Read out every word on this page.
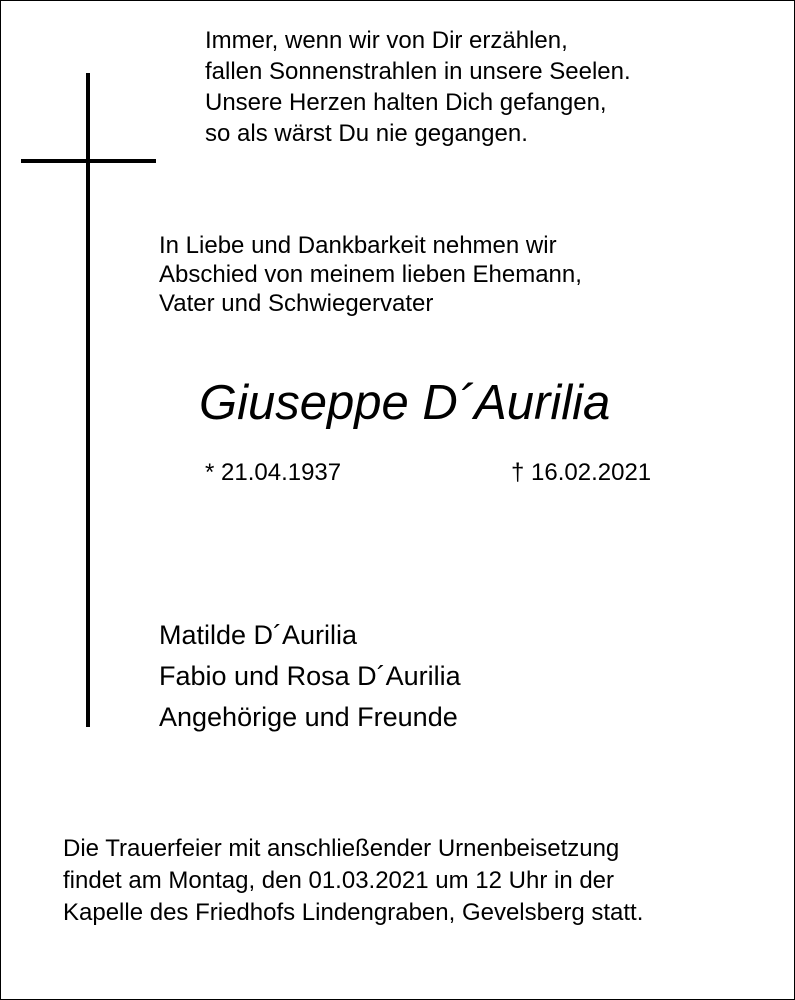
Immer, wenn wir von Dir erzählen,
fallen Sonnenstrahlen in unsere Seelen.
Unsere Herzen halten Dich gefangen,
so als wärst Du nie gegangen.
In Liebe und Dankbarkeit nehmen wir
Abschied von meinem lieben Ehemann,
Vater und Schwiegervater
Giuseppe D´Aurilia
* 21.04.1937	† 16.02.2021
Matilde D´Aurilia
Fabio und Rosa D´Aurilia
Angehörige und Freunde
Die Trauerfeier mit anschließender Urnenbeisetzung
findet am Montag, den 01.03.2021 um 12 Uhr in der
Kapelle des Friedhofs Lindengraben, Gevelsberg statt.
